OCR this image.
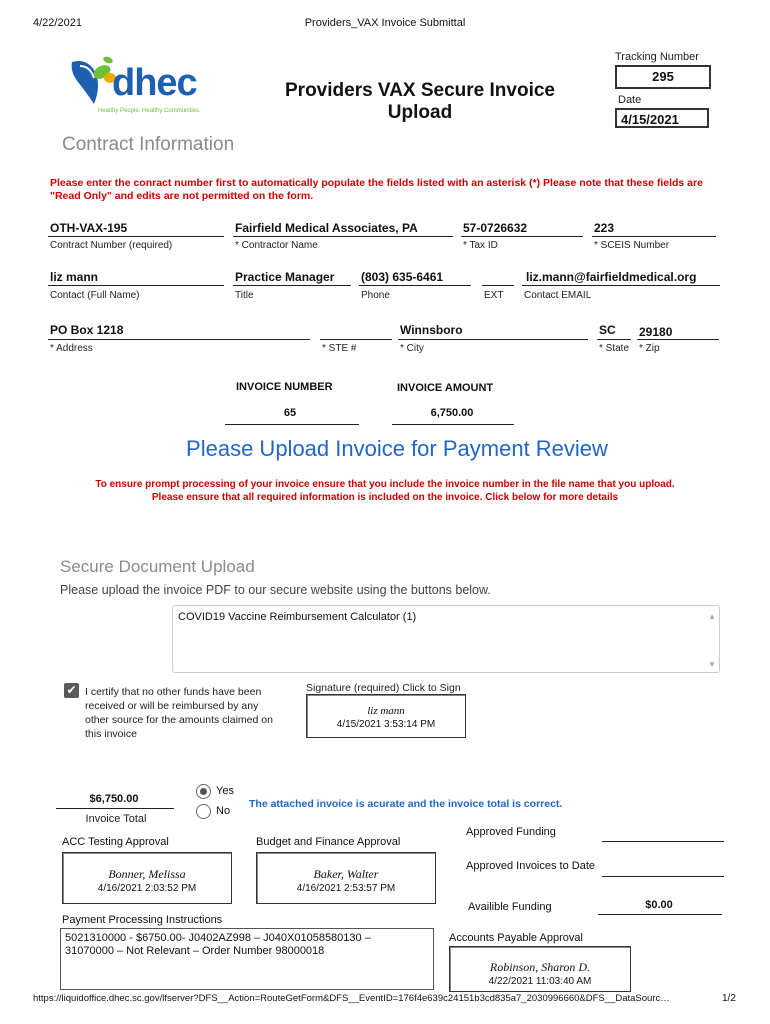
4/22/2021	Providers_VAX Invoice Submittal
dhec
Healthy People. Healthy Communities.
Providers VAX Secure Invoice
Upload
Tracking Number
295
Date
4/15/2021
Contract Information
Please enter the conract number first to automatically populate the fields listed with an asterisk (*) Please note that these fields are "Read Only" and edits are not permitted on the form.
OTH-VAX-195
Contract Number (required)
Fairfield Medical Associates, PA
* Contractor Name
57-0726632
* Tax ID
223
* SCEIS Number
liz mann
Contact (Full Name)
Practice Manager
Title
(803) 635-6461
Phone	EXT
liz.mann@fairfieldmedical.org
Contact EMAIL
PO Box 1218
* Address	* STE #
Winnsboro
* City
SC
* State
29180
* Zip
INVOICE NUMBER
65
INVOICE AMOUNT
6,750.00
Please Upload Invoice for Payment Review
To ensure prompt processing of your invoice ensure that you include the invoice number in the file name that you upload.
Please ensure that all required information is included on the invoice. Click below for more details
Secure Document Upload
Please upload the invoice PDF to our secure website using the buttons below.
COVID19 Vaccine Reimbursement Calculator (1)	▲
▼
✔ I certify that no other funds have been
received or will be reimbursed by any
other source for the amounts claimed on
this invoice
Signature (required) Click to Sign
liz mann
4/15/2021 3:53:14 PM
$6,750.00
Invoice Total
Yes
No
The attached invoice is acurate and the invoice total is correct.
ACC Testing Approval
Bonner, Melissa
4/16/2021 2:03:52 PM
Budget and Finance Approval
Baker, Walter
4/16/2021 2:53:57 PM
Approved Funding
Approved Invoices to Date
Availible Funding	$0.00
Payment Processing Instructions
5021310000 - $6750.00- J0402AZ998 – J040X01058580130 –
31070000 – Not Relevant – Order Number 98000018
Accounts Payable Approval
Robinson, Sharon D.
4/22/2021 11:03:40 AM
https://liquidoffice.dhec.sc.gov/lfserver?DFS__Action=RouteGetForm&DFS__EventID=176f4e639c24151b3cd835a7_2030996660&DFS__DataSourc…	1/2
